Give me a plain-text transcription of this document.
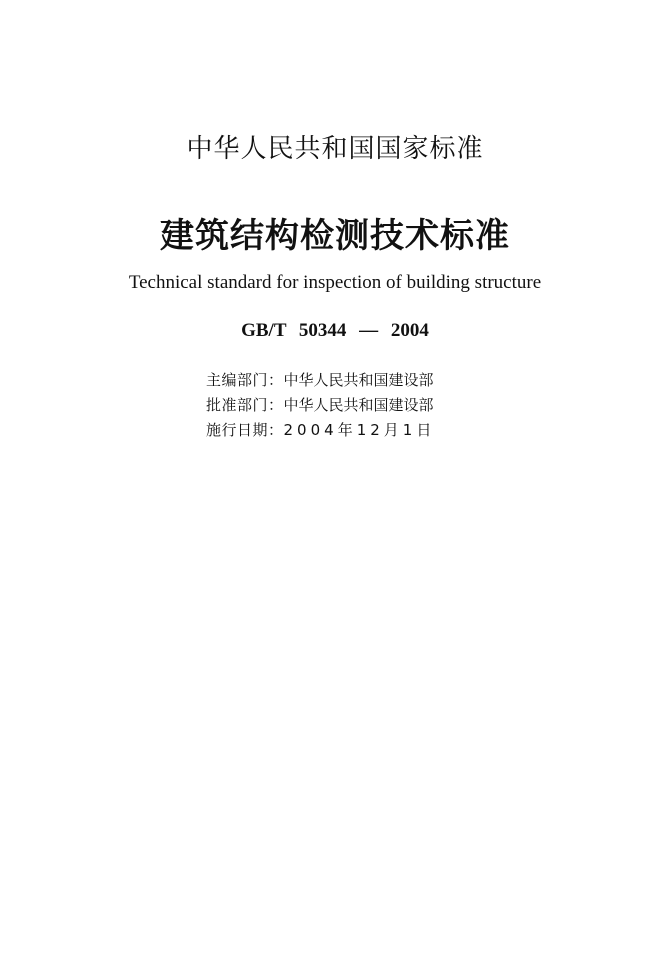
中华人民共和国国家标准
建筑结构检测技术标准
Technical standard for inspection of building structure
GB/T 50344 — 2004
主编部门：中华人民共和国建设部
批准部门：中华人民共和国建设部
施行日期：2004年12月1日
